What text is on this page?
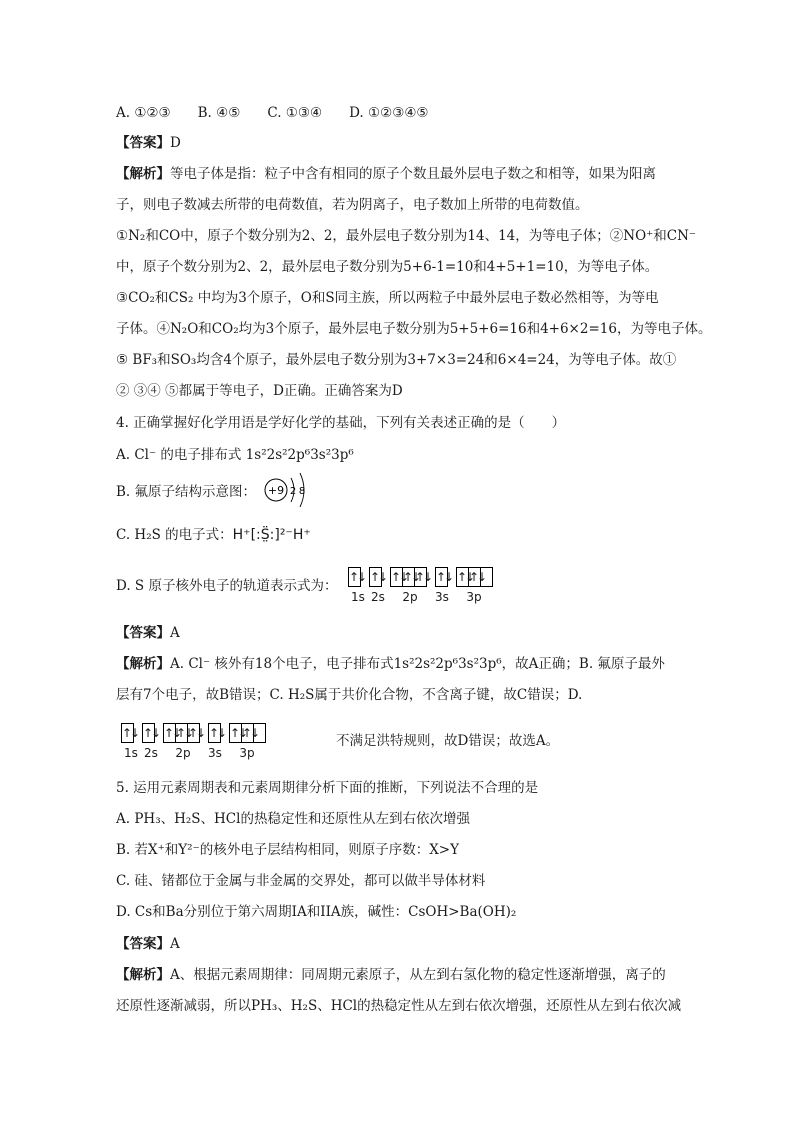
A. ①②③　　B. ④⑤　　C. ①③④　　D. ①②③④⑤
【答案】D
【解析】等电子体是指：粒子中含有相同的原子个数且最外层电子数之和相等，如果为阳离
子，则电子数减去所带的电荷数值，若为阴离子，电子数加上所带的电荷数值。
①N₂和CO中，原子个数分别为2、2，最外层电子数分别为14、14，为等电子体；②NO⁺和CN⁻
中，原子个数分别为2、2，最外层电子数分别为5+6-1=10和4+5+1=10，为等电子体。
③CO₂和CS₂ 中均为3个原子，O和S同主族，所以两粒子中最外层电子数必然相等，为等电
子体。④N₂O和CO₂均为3个原子，最外层电子数分别为5+5+6=16和4+6×2=16，为等电子体。
⑤ BF₃和SO₃均含4个原子，最外层电子数分别为3+7×3=24和6×4=24，为等电子体。故①
② ③④ ⑤都属于等电子，D正确。正确答案为D
4. 正确掌握好化学用语是学好化学的基础，下列有关表述正确的是（　　）
A. Cl⁻ 的电子排布式 1s²2s²2p⁶3s²3p⁶
B. 氟原子结构示意图：	+9 2 8
C. H₂S 的电子式：H⁺[:S̤̈:]²⁻H⁺
D. S 原子核外电子的轨道表示式为：
↑↓ ↑↓ ↑↓
↑↓
↑↓ ↑↓ ↑↓
↑↓
1s 2s	2p	3s	3p
【答案】A
【解析】A. Cl⁻ 核外有18个电子，电子排布式1s²2s²2p⁶3s²3p⁶，故A正确；B. 氟原子最外
层有7个电子，故B错误；C. H₂S属于共价化合物，不含离子键，故C错误；D.
↑↓ ↑↓ ↑↓
↑↓
↑↓ ↑↓ ↑↓
↑↓
1s 2s	2p	3s	3p
不满足洪特规则，故D错误；故选A。
5. 运用元素周期表和元素周期律分析下面的推断，下列说法不合理的是
A. PH₃、H₂S、HCl的热稳定性和还原性从左到右依次增强
B. 若X⁺和Y²⁻的核外电子层结构相同，则原子序数：X>Y
C. 硅、锗都位于金属与非金属的交界处，都可以做半导体材料
D. Cs和Ba分别位于第六周期IA和IIA族，碱性：CsOH>Ba(OH)₂
【答案】A
【解析】A、根据元素周期律：同周期元素原子，从左到右氢化物的稳定性逐渐增强，离子的
还原性逐渐减弱，所以PH₃、H₂S、HCl的热稳定性从左到右依次增强，还原性从左到右依次减
